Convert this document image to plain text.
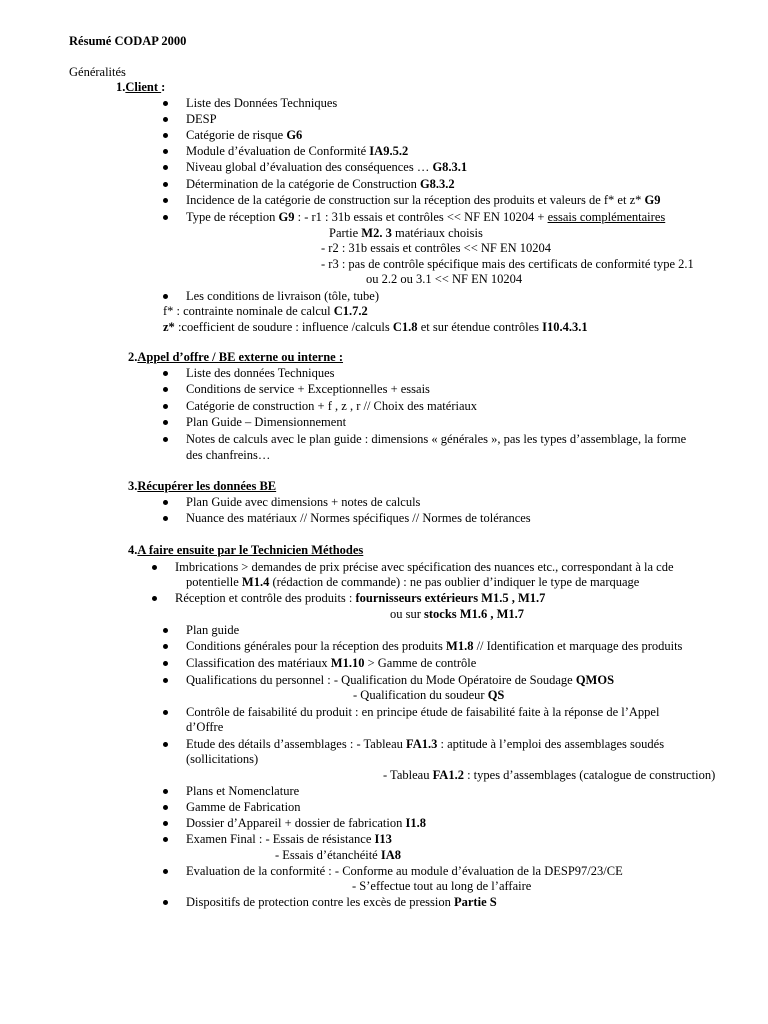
Résumé CODAP 2000
Généralités
1.Client :
Liste des Données Techniques
DESP
Catégorie de risque G6
Module d’évaluation de Conformité IA9.5.2
Niveau global d’évaluation des conséquences … G8.3.1
Détermination de la catégorie de Construction G8.3.2
Incidence de la catégorie de construction sur la réception des produits et valeurs de f* et z* G9
Type de réception G9 : - r1 : 31b essais et contrôles << NF EN 10204 + essais complémentaires
Partie M2. 3 matériaux choisis
- r2 : 31b essais et contrôles << NF EN 10204
- r3 : pas de contrôle spécifique mais des certificats de conformité type 2.1
ou 2.2 ou 3.1 << NF EN 10204
Les conditions de livraison (tôle, tube)
f* : contrainte nominale de calcul C1.7.2
z* :coefficient de soudure : influence /calculs C1.8 et sur étendue contrôles I10.4.3.1
2.Appel d’offre / BE externe ou interne :
Liste des données Techniques
Conditions de service + Exceptionnelles + essais
Catégorie de construction + f , z , r // Choix des matériaux
Plan Guide – Dimensionnement
Notes de calculs avec le plan guide : dimensions « générales », pas les types d’assemblage, la forme
des chanfreins…
3.Récupérer les données BE
Plan Guide avec dimensions + notes de calculs
Nuance des matériaux // Normes spécifiques // Normes de tolérances
4.A faire ensuite par le Technicien Méthodes
Imbrications > demandes de prix précise avec spécification des nuances etc., correspondant à la cde
potentielle M1.4 (rédaction de commande) : ne pas oublier d’indiquer le type de marquage
Réception et contrôle des produits : fournisseurs extérieurs M1.5 , M1.7
ou sur stocks M1.6 , M1.7
Plan guide
Conditions générales pour la réception des produits M1.8 // Identification et marquage des produits
Classification des matériaux M1.10 > Gamme de contrôle
Qualifications du personnel : - Qualification du Mode Opératoire de Soudage QMOS
- Qualification du soudeur QS
Contrôle de faisabilité du produit : en principe étude de faisabilité faite à la réponse de l’Appel
d’Offre
Etude des détails d’assemblages : - Tableau FA1.3 : aptitude à l’emploi des assemblages soudés
(sollicitations)
- Tableau FA1.2 : types d’assemblages (catalogue de construction)
Plans et Nomenclature
Gamme de Fabrication
Dossier d’Appareil + dossier de fabrication I1.8
Examen Final : - Essais de résistance I13
- Essais d’étanchéité IA8
Evaluation de la conformité : - Conforme au module d’évaluation de la DESP97/23/CE
- S’effectue tout au long de l’affaire
Dispositifs de protection contre les excès de pression Partie S
